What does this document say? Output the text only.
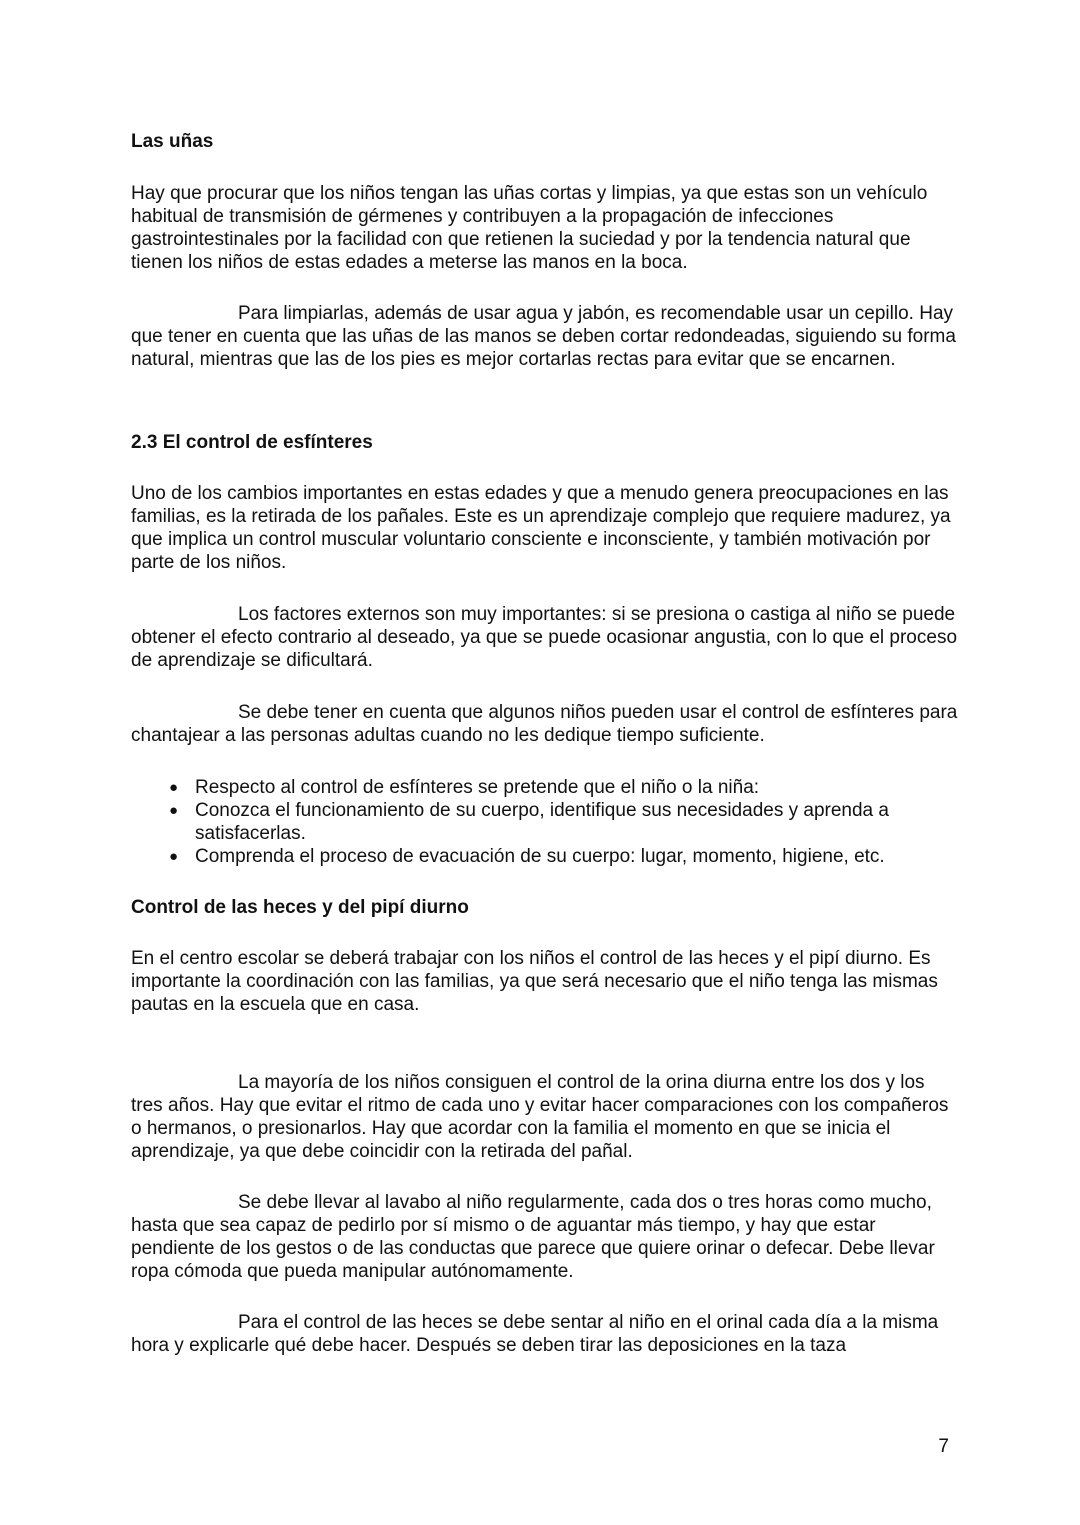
Las uñas

Hay que procurar que los niños tengan las uñas cortas y limpias, ya que estas son un vehículo habitual de transmisión de gérmenes y contribuyen a la propagación de infecciones gastrointestinales por la facilidad con que retienen la suciedad y por la tendencia natural que tienen los niños de estas edades a meterse las manos en la boca.

Para limpiarlas, además de usar agua y jabón, es recomendable usar un cepillo. Hay que tener en cuenta que las uñas de las manos se deben cortar redondeadas, siguiendo su forma natural, mientras que las de los pies es mejor cortarlas rectas para evitar que se encarnen.

2.3 El control de esfínteres

Uno de los cambios importantes en estas edades y que a menudo genera preocupaciones en las familias, es la retirada de los pañales. Este es un aprendizaje complejo que requiere madurez, ya que implica un control muscular voluntario consciente e inconsciente, y también motivación por parte de los niños.

Los factores externos son muy importantes: si se presiona o castiga al niño se puede obtener el efecto contrario al deseado, ya que se puede ocasionar angustia, con lo que el proceso de aprendizaje se dificultará.

Se debe tener en cuenta que algunos niños pueden usar el control de esfínteres para chantajear a las personas adultas cuando no les dedique tiempo suficiente.

● Respecto al control de esfínteres se pretende que el niño o la niña:
● Conozca el funcionamiento de su cuerpo, identifique sus necesidades y aprenda a satisfacerlas.
● Comprenda el proceso de evacuación de su cuerpo: lugar, momento, higiene, etc.
Control de las heces y del pipí diurno

En el centro escolar se deberá trabajar con los niños el control de las heces y el pipí diurno. Es importante la coordinación con las familias, ya que será necesario que el niño tenga las mismas pautas en la escuela que en casa.

La mayoría de los niños consiguen el control de la orina diurna entre los dos y los tres años. Hay que evitar el ritmo de cada uno y evitar hacer comparaciones con los compañeros o hermanos, o presionarlos. Hay que acordar con la familia el momento en que se inicia el aprendizaje, ya que debe coincidir con la retirada del pañal.

Se debe llevar al lavabo al niño regularmente, cada dos o tres horas como mucho, hasta que sea capaz de pedirlo por sí mismo o de aguantar más tiempo, y hay que estar pendiente de los gestos o de las conductas que parece que quiere orinar o defecar. Debe llevar ropa cómoda que pueda manipular autónomamente.

Para el control de las heces se debe sentar al niño en el orinal cada día a la misma hora y explicarle qué debe hacer. Después se deben tirar las deposiciones en la taza

7
